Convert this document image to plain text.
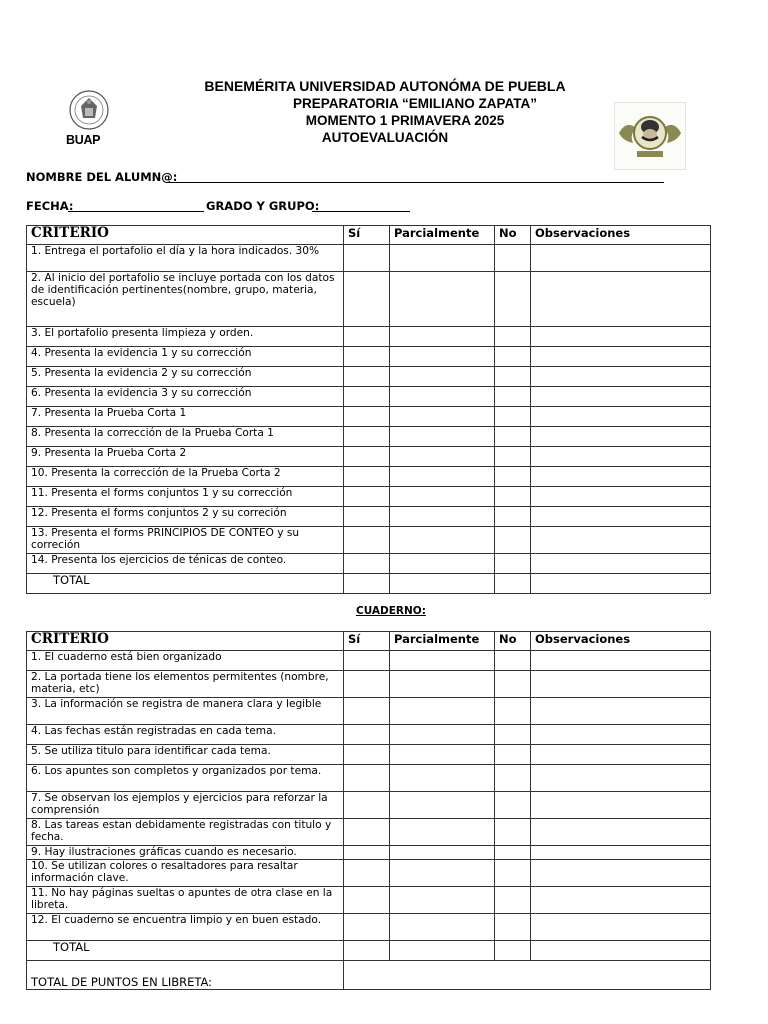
BUAP
BENEMÉRITA UNIVERSIDAD AUTONÓMA DE PUEBLA
PREPARATORIA “EMILIANO ZAPATA”
MOMENTO 1 PRIMAVERA 2025
AUTOEVALUACIÓN
NOMBRE DEL ALUMN@:
FECHA:	GRADO Y GRUPO:
CRITERIO	Sí	Parcialmente	No	Observaciones
1. Entrega el portafolio el día y la hora indicados. 30%				
2. Al inicio del portafolio se incluye portada con los datos de identificación pertinentes(nombre, grupo, materia, escuela)				
3. El portafolio presenta limpieza y orden.				
4. Presenta la evidencia 1 y su corrección				
5. Presenta la evidencia 2 y su corrección				
6. Presenta la evidencia 3 y su corrección				
7. Presenta la Prueba Corta 1				
8. Presenta la corrección de la Prueba Corta 1				
9. Presenta la Prueba Corta 2				
10. Presenta la corrección de la Prueba Corta 2				
11. Presenta el forms conjuntos 1 y su corrección				
12. Presenta el forms conjuntos 2 y su correción				
13. Presenta el forms PRINCIPIOS DE CONTEO y su correción				
14. Presenta los ejercicios de ténicas de conteo.				
TOTAL				
CUADERNO:
CRITERIO	Sí	Parcialmente	No	Observaciones
1. El cuaderno está bien organizado				
2. La portada tiene los elementos permitentes (nombre, materia, etc)				
3. La información se registra de manera clara y legible				
4. Las fechas están registradas en cada tema.				
5. Se utiliza titulo para identificar cada tema.				
6. Los apuntes son completos y organizados por tema.				
7. Se observan los ejemplos y ejercicios para reforzar la comprensión				
8. Las tareas estan debidamente registradas con titulo y fecha.				
9. Hay ilustraciones gráficas cuando es necesario.				
10. Se utilizan colores o resaltadores para resaltar información clave.				
11. No hay páginas sueltas o apuntes de otra clase en la libreta.				
12. El cuaderno se encuentra limpio y en buen estado.				
TOTAL				
TOTAL DE PUNTOS EN LIBRETA:				
